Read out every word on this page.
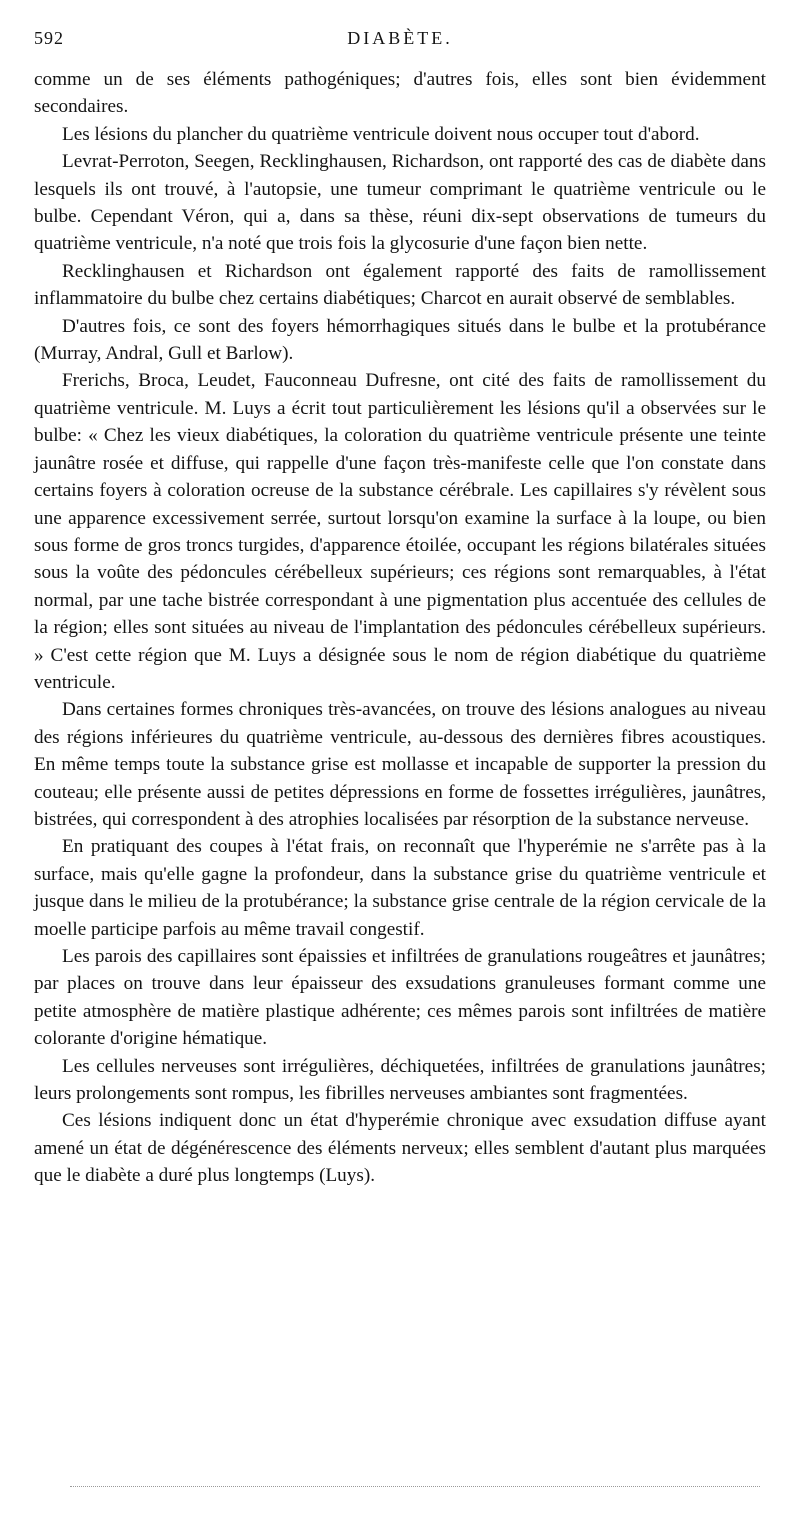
592	DIABÈTE.

comme un de ses éléments pathogéniques; d'autres fois, elles sont bien évidemment secondaires.

Les lésions du plancher du quatrième ventricule doivent nous occuper tout d'abord.

Levrat-Perroton, Seegen, Recklinghausen, Richardson, ont rapporté des cas de diabète dans lesquels ils ont trouvé, à l'autopsie, une tumeur comprimant le quatrième ventricule ou le bulbe. Cependant Véron, qui a, dans sa thèse, réuni dix-sept observations de tumeurs du quatrième ventricule, n'a noté que trois fois la glycosurie d'une façon bien nette.

Recklinghausen et Richardson ont également rapporté des faits de ramollissement inflammatoire du bulbe chez certains diabétiques; Charcot en aurait observé de semblables.

D'autres fois, ce sont des foyers hémorrhagiques situés dans le bulbe et la protubérance (Murray, Andral, Gull et Barlow).

Frerichs, Broca, Leudet, Fauconneau Dufresne, ont cité des faits de ramollissement du quatrième ventricule. M. Luys a écrit tout particulièrement les lésions qu'il a observées sur le bulbe: « Chez les vieux diabétiques, la coloration du quatrième ventricule présente une teinte jaunâtre rosée et diffuse, qui rappelle d'une façon très-manifeste celle que l'on constate dans certains foyers à coloration ocreuse de la substance cérébrale. Les capillaires s'y révèlent sous une apparence excessivement serrée, surtout lorsqu'on examine la surface à la loupe, ou bien sous forme de gros troncs turgides, d'apparence étoilée, occupant les régions bilatérales situées sous la voûte des pédoncules cérébelleux supérieurs; ces régions sont remarquables, à l'état normal, par une tache bistrée correspondant à une pigmentation plus accentuée des cellules de la région; elles sont situées au niveau de l'implantation des pédoncules cérébelleux supérieurs. » C'est cette région que M. Luys a désignée sous le nom de région diabétique du quatrième ventricule.

Dans certaines formes chroniques très-avancées, on trouve des lésions analogues au niveau des régions inférieures du quatrième ventricule, au-dessous des dernières fibres acoustiques. En même temps toute la substance grise est mollasse et incapable de supporter la pression du couteau; elle présente aussi de petites dépressions en forme de fossettes irrégulières, jaunâtres, bistrées, qui correspondent à des atrophies localisées par résorption de la substance nerveuse.

En pratiquant des coupes à l'état frais, on reconnaît que l'hyperémie ne s'arrête pas à la surface, mais qu'elle gagne la profondeur, dans la substance grise du quatrième ventricule et jusque dans le milieu de la protubérance; la substance grise centrale de la région cervicale de la moelle participe parfois au même travail congestif.

Les parois des capillaires sont épaissies et infiltrées de granulations rougeâtres et jaunâtres; par places on trouve dans leur épaisseur des exsudations granuleuses formant comme une petite atmosphère de matière plastique adhérente; ces mêmes parois sont infiltrées de matière colorante d'origine hématique.

Les cellules nerveuses sont irrégulières, déchiquetées, infiltrées de granulations jaunâtres; leurs prolongements sont rompus, les fibrilles nerveuses ambiantes sont fragmentées.

Ces lésions indiquent donc un état d'hyperémie chronique avec exsudation diffuse ayant amené un état de dégénérescence des éléments nerveux; elles semblent d'autant plus marquées que le diabète a duré plus longtemps (Luys).
